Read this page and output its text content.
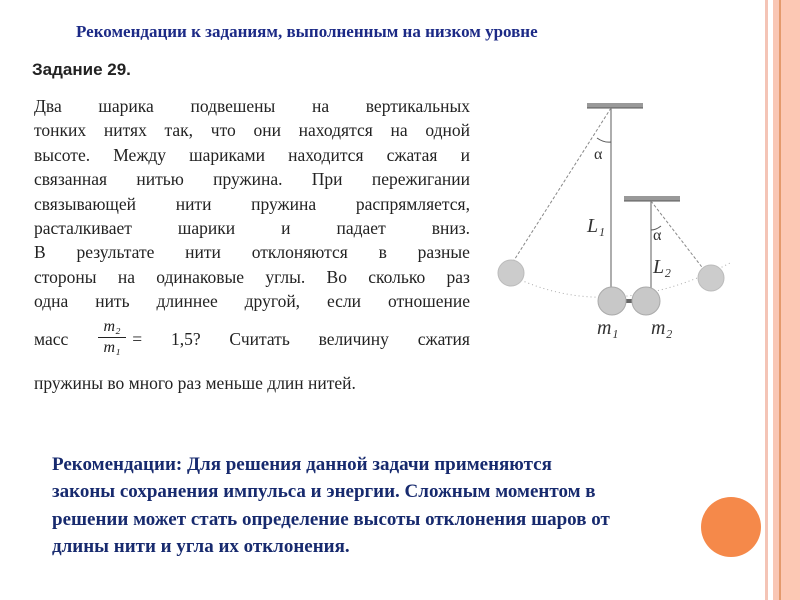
Рекомендации к заданиям, выполненным на низком уровне
Задание 29.
Два шарика подвешены на вертикальных
тонких нитях так, что они находятся на одной
высоте. Между шариками находится сжатая и
связанная нитью пружина. При пережигании
связывающей нити пружина распрямляется,
расталкивает	шарики	и	падает	вниз.
В результате нити отклоняются в разные
стороны на одинаковые углы. Во сколько раз
одна нить длиннее другой, если отношение
масс	= 1,5? Считать величину сжатия
m₂
m₁
пружины во много раз меньше длин нитей.
α
α
L₁
L₂
m₁ m₂
Рекомендации: Для решения данной задачи применяются
законы сохранения импульса и энергии. Сложным моментом в
решении может стать определение высоты отклонения шаров от
длины нити и угла их отклонения.
